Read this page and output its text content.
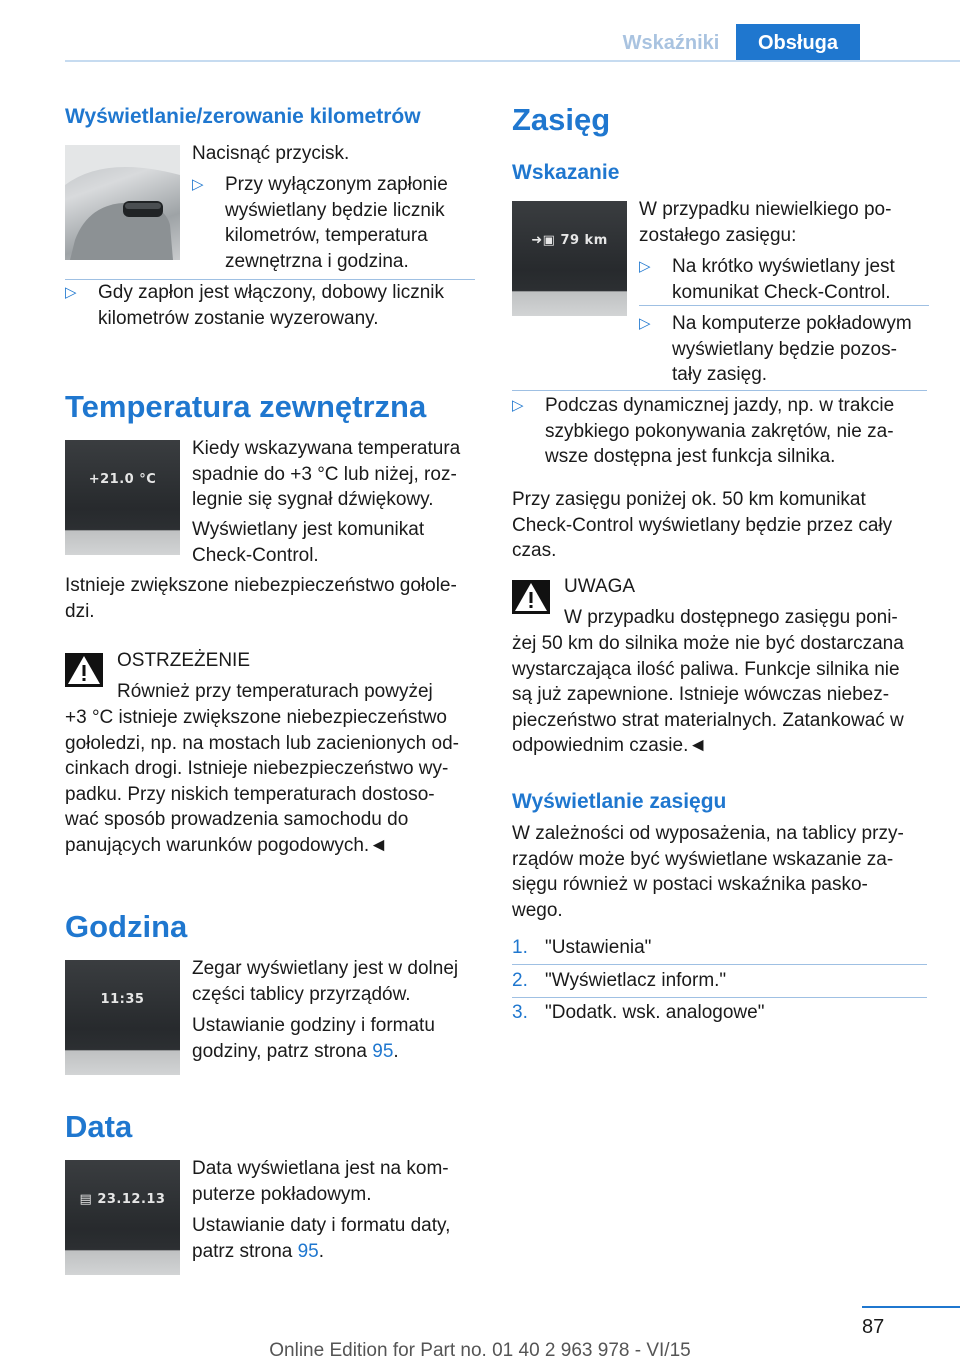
Wskaźniki	Obsługa
Wyświetlanie/zerowanie kilometrów
Nacisnąć przycisk.
▷ Przy wyłączonym zapłonie
wyświetlany będzie licznik
kilometrów, temperatura
zewnętrzna i godzina.
▷ Gdy zapłon jest włączony, dobowy licznik
kilometrów zostanie wyzerowany.
Temperatura zewnętrzna
+21.0 °C
Kiedy wskazywana temperatura
spadnie do +3 °C lub niżej, roz‐
legnie się sygnał dźwiękowy.
Wyświetlany jest komunikat
Check-Control.
Istnieje zwiększone niebezpieczeństwo gołole‐
dzi.
OSTRZEŻENIE
Również przy temperaturach powyżej
+3 °C istnieje zwiększone niebezpieczeństwo
gołoledzi, np. na mostach lub zacienionych od‐
cinkach drogi. Istnieje niebezpieczeństwo wy‐
padku. Przy niskich temperaturach dostoso‐
wać sposób prowadzenia samochodu do
panujących warunków pogodowych.◄
Godzina
11:35
Zegar wyświetlany jest w dolnej
części tablicy przyrządów.
Ustawianie godziny i formatu
godziny, patrz strona 95.
Data
▤ 23.12.13
Data wyświetlana jest na kom‐
puterze pokładowym.
Ustawianie daty i formatu daty,
patrz strona 95.
Zasięg
Wskazanie
➜▣ 79 km
W przypadku niewielkiego po‐
zostałego zasięgu:
▷ Na krótko wyświetlany jest
komunikat Check-Control.
▷ Na komputerze pokładowym
wyświetlany będzie pozos‐
tały zasięg.
▷ Podczas dynamicznej jazdy, np. w trakcie
szybkiego pokonywania zakrętów, nie za‐
wsze dostępna jest funkcja silnika.
Przy zasięgu poniżej ok. 50 km komunikat
Check-Control wyświetlany będzie przez cały
czas.
UWAGA
W przypadku dostępnego zasięgu poni‐
żej 50 km do silnika może nie być dostarczana
wystarczająca ilość paliwa. Funkcje silnika nie
są już zapewnione. Istnieje wówczas niebez‐
pieczeństwo strat materialnych. Zatankować w
odpowiednim czasie.◄
Wyświetlanie zasięgu
W zależności od wyposażenia, na tablicy przy‐
rządów może być wyświetlane wskazanie za‐
sięgu również w postaci wskaźnika pasko‐
wego.
1. "Ustawienia"
2. "Wyświetlacz inform."
3. "Dodatk. wsk. analogowe"
87
Online Edition for Part no. 01 40 2 963 978 - VI/15
